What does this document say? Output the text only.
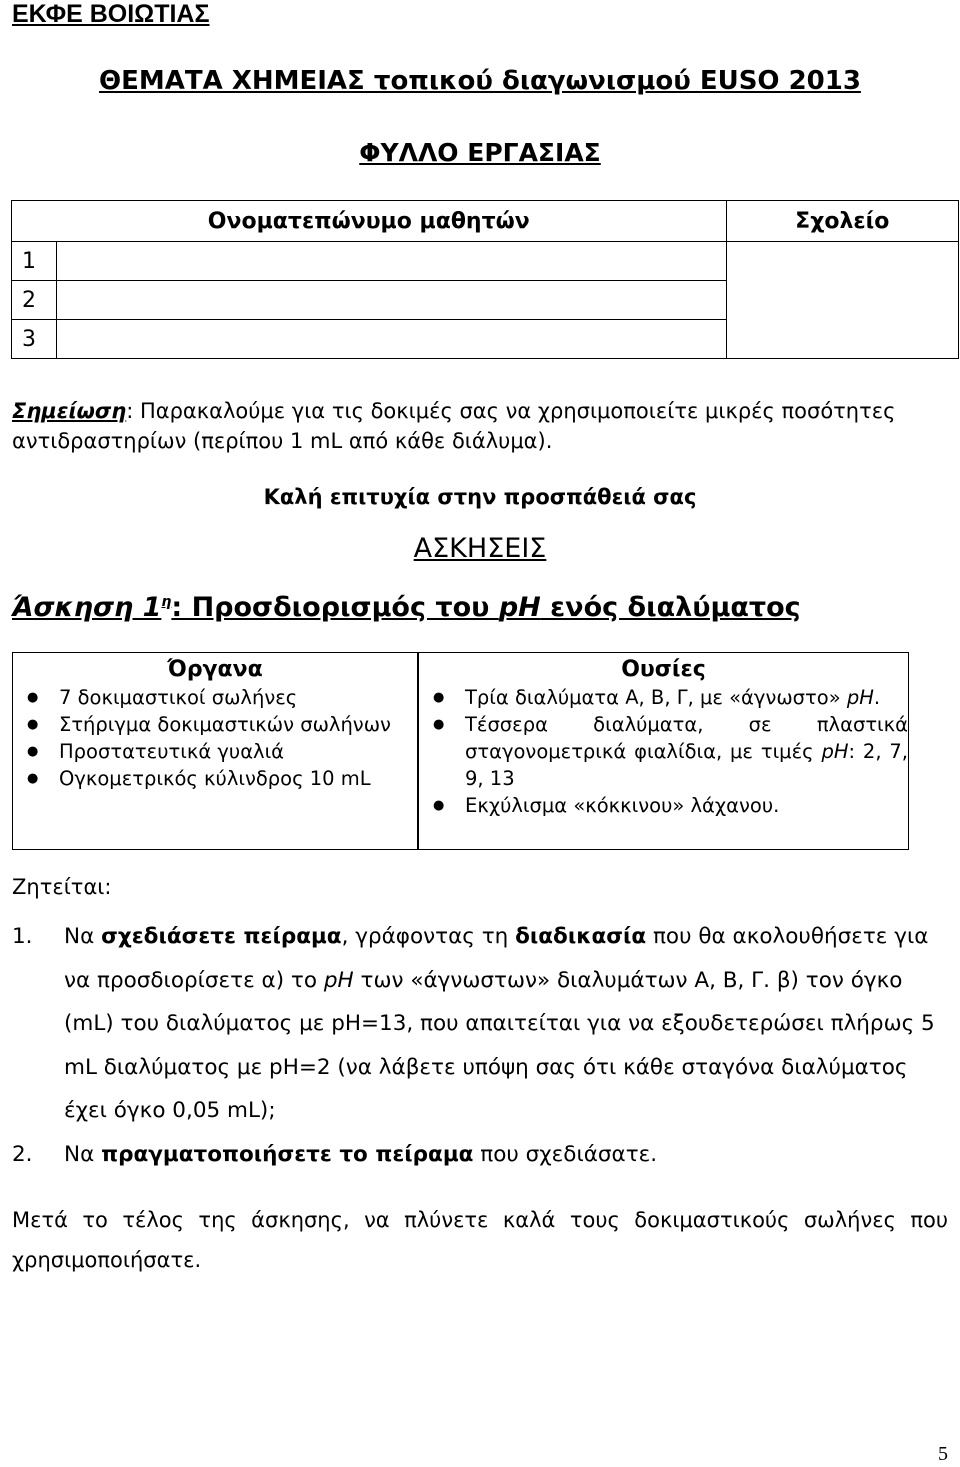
ΕΚΦΕ ΒΟΙΩΤΙΑΣ
ΘΕΜΑΤΑ ΧΗΜΕΙΑΣ τοπικού διαγωνισμού EUSO 2013
ΦΥΛΛΟ ΕΡΓΑΣΙΑΣ
Ονοματεπώνυμο μαθητών		Σχολείο
1		
2		
3		
Σημείωση: Παρακαλούμε για τις δοκιμές σας να χρησιμοποιείτε μικρές ποσότητες αντιδραστηρίων (περίπου 1 mL από κάθε διάλυμα).
Καλή επιτυχία στην προσπάθειά σας
ΑΣΚΗΣΕΙΣ
Άσκηση $1^\eta$: Προσδιορισμός του pH ενός διαλύματος
Όργανα
● 7 δοκιμαστικοί σωλήνες
● Στήριγμα δοκιμαστικών σωλήνων
● Προστατευτικά γυαλιά
● Ογκομετρικός κύλινδρος 10 mL
Ουσίες
● Τρία διαλύματα Α, Β, Γ, με «άγνωστο» pH.
● Τέσσερα διαλύματα, σε πλαστικά σταγονομετρικά φιαλίδια, με τιμές pH: 2, 7, 9, 13
● Εκχύλισμα «κόκκινου» λάχανου.
Ζητείται:
1. Να σχεδιάσετε πείραμα, γράφοντας τη διαδικασία που θα ακολουθήσετε για να προσδιορίσετε α) το pH των «άγνωστων» διαλυμάτων Α, Β, Γ. β) τον όγκο (mL) του διαλύματος με pH=13, που απαιτείται για να εξουδετερώσει πλήρως 5 mL διαλύματος με pH=2 (να λάβετε υπόψη σας ότι κάθε σταγόνα διαλύματος έχει όγκο 0,05 mL);
2. Να πραγματοποιήσετε το πείραμα που σχεδιάσατε.
Μετά το τέλος της άσκησης, να πλύνετε καλά τους δοκιμαστικούς σωλήνες που χρησιμοποιήσατε.
5
